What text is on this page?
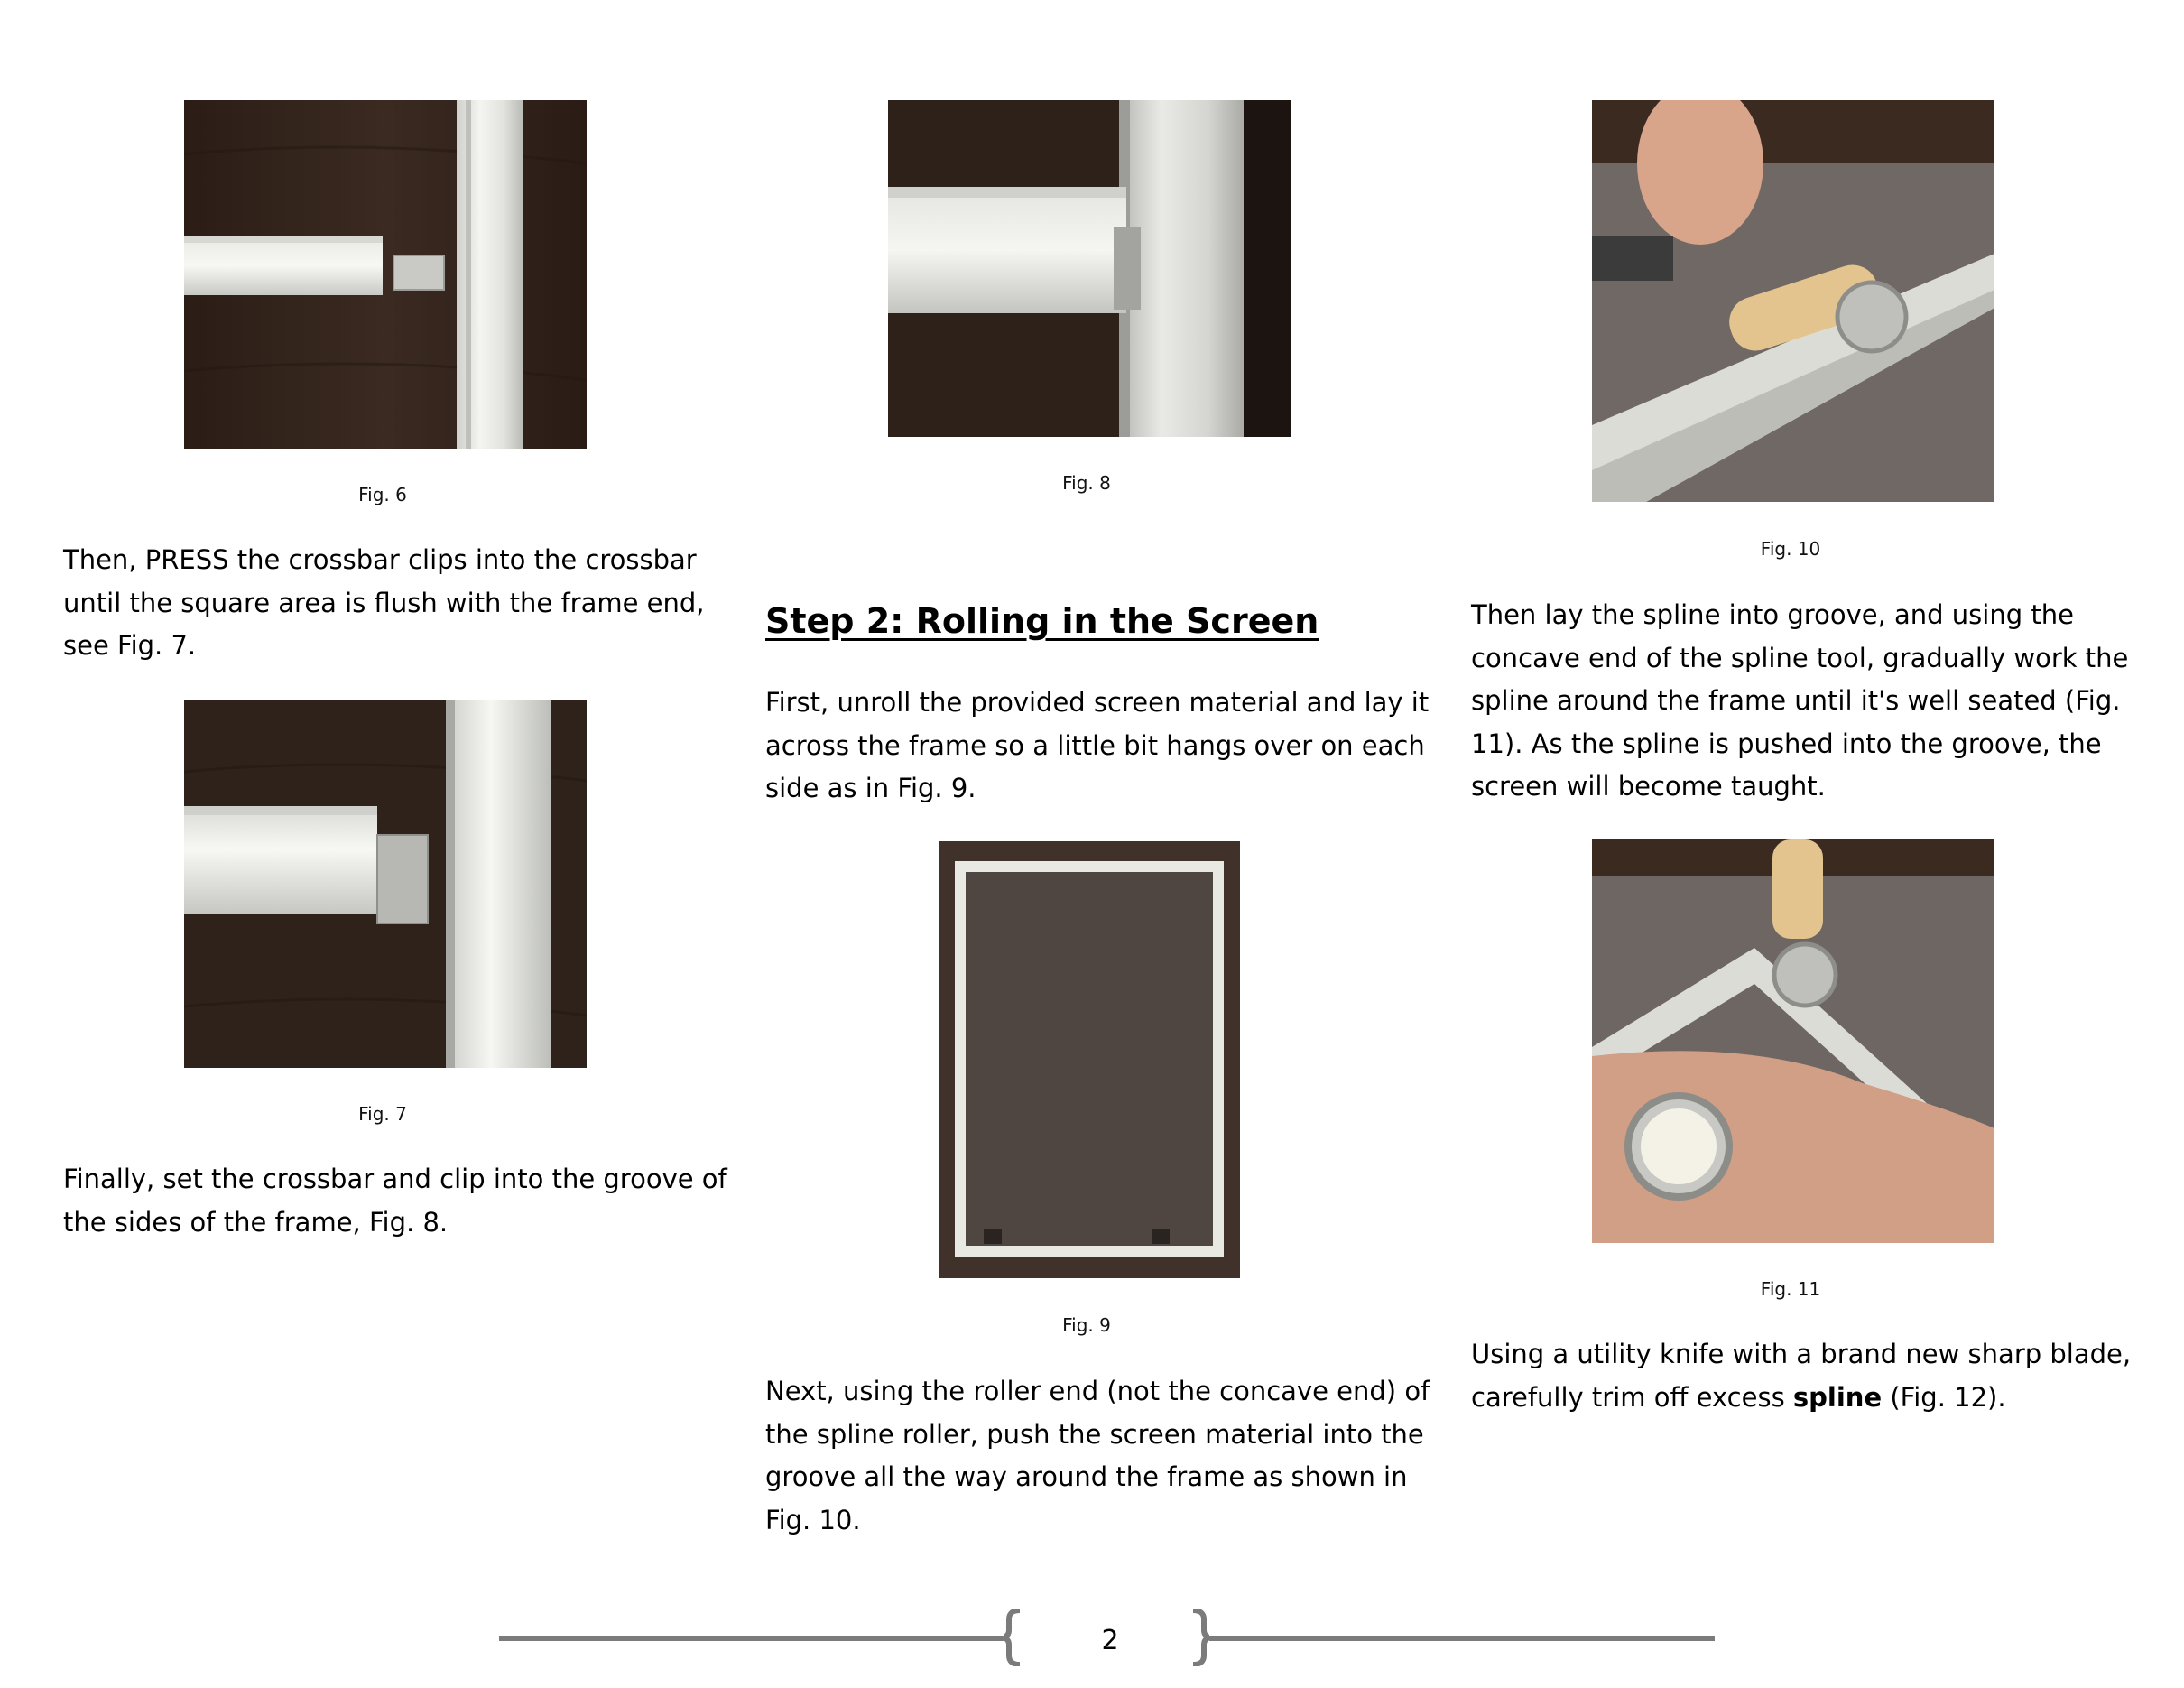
Fig. 6
Then, PRESS the crossbar clips into the crossbar
until the square area is flush with the frame end,
see Fig. 7.
Fig. 7
Finally, set the crossbar and clip into the groove of
the sides of the frame, Fig. 8.
Fig. 8
Step 2: Rolling in the Screen
First, unroll the provided screen material and lay it
across the frame so a little bit hangs over on each
side as in Fig. 9.
Fig. 9
Next, using the roller end (not the concave end) of
the spline roller, push the screen material into the
groove all the way around the frame as shown in
Fig. 10.
Fig. 10
Then lay the spline into groove, and using the
concave end of the spline tool, gradually work the
spline around the frame until it's well seated (Fig.
11). As the spline is pushed into the groove, the
screen will become taught.
Fig. 11
Using a utility knife with a brand new sharp blade,
carefully trim off excess spline (Fig. 12).
2
